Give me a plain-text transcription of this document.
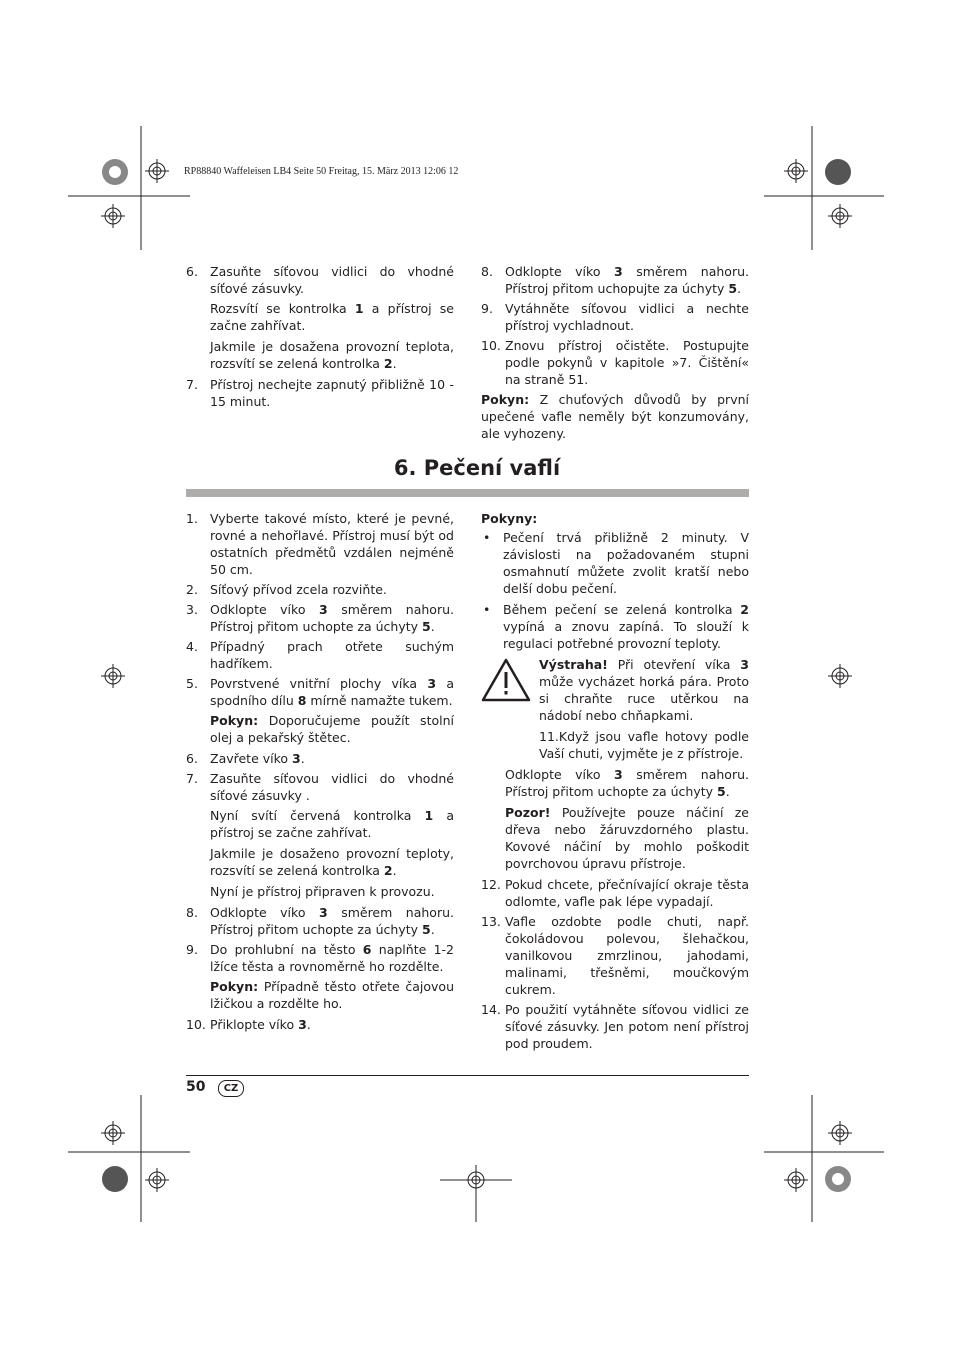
RP88840 Waffeleisen LB4 Seite 50 Freitag, 15. März 2013 12:06 12
6. Zasuňte síťovou vidlici do vhodné síťové zásuvky.
Rozsvítí se kontrolka 1 a přístroj se začne zahřívat.
Jakmile je dosažena provozní teplota, rozsvítí se zelená kontrolka 2.
7. Přístroj nechejte zapnutý přibližně 10 - 15 minut.
8. Odklopte víko 3 směrem nahoru. Přístroj přitom uchopujte za úchyty 5.
9. Vytáhněte síťovou vidlici a nechte přístroj vychladnout.
10. Znovu přístroj očistěte. Postupujte podle pokynů v kapitole »7. Čištění« na straně 51.
Pokyn: Z chuťových důvodů by první upečené vafle neměly být konzumovány, ale vyhozeny.
6. Pečení vaflí
1. Vyberte takové místo, které je pevné, rovné a nehořlavé. Přístroj musí být od ostatních předmětů vzdálen nejméně 50 cm.
2. Síťový přívod zcela rozviňte.
3. Odklopte víko 3 směrem nahoru. Přístroj přitom uchopte za úchyty 5.
4. Případný prach otřete suchým hadříkem.
5. Povrstvené vnitřní plochy víka 3 a spodního dílu 8 mírně namažte tukem.
Pokyn: Doporučujeme použít stolní olej a pekařský štětec.
6. Zavřete víko 3.
7. Zasuňte síťovou vidlici do vhodné síťové zásuvky .
Nyní svítí červená kontrolka 1 a přístroj se začne zahřívat.
Jakmile je dosaženo provozní teploty, rozsvítí se zelená kontrolka 2.
Nyní je přístroj připraven k provozu.
8. Odklopte víko 3 směrem nahoru. Přístroj přitom uchopte za úchyty 5.
9. Do prohlubní na těsto 6 naplňte 1-2 lžíce těsta a rovnoměrně ho rozdělte.
Pokyn: Případně těsto otřete čajovou lžičkou a rozdělte ho.
10. Přiklopte víko 3.
Pokyny:
• Pečení trvá přibližně 2 minuty. V závislosti na požadovaném stupni osmahnutí můžete zvolit kratší nebo delší dobu pečení.
• Během pečení se zelená kontrolka 2 vypíná a znovu zapíná. To slouží k regulaci potřebné provozní teploty.
Výstraha! Při otevření víka 3 může vycházet horká pára. Proto si chraňte ruce utěrkou na nádobí nebo chňapkami.
11.Když jsou vafle hotovy podle Vaší chuti, vyjměte je z přístroje.
Odklopte víko 3 směrem nahoru. Přístroj přitom uchopte za úchyty 5.
Pozor! Používejte pouze náčiní ze dřeva nebo žáruvzdorného plastu. Kovové náčiní by mohlo poškodit povrchovou úpravu přístroje.
12. Pokud chcete, přečnívající okraje těsta odlomte, vafle pak lépe vypadají.
13. Vafle ozdobte podle chuti, např. čokoládovou polevou, šlehačkou, vanilkovou zmrzlinou, jahodami, malinami, třešněmi, moučkovým cukrem.
14. Po použití vytáhněte síťovou vidlici ze síťové zásuvky. Jen potom není přístroj pod proudem.
50	CZ
